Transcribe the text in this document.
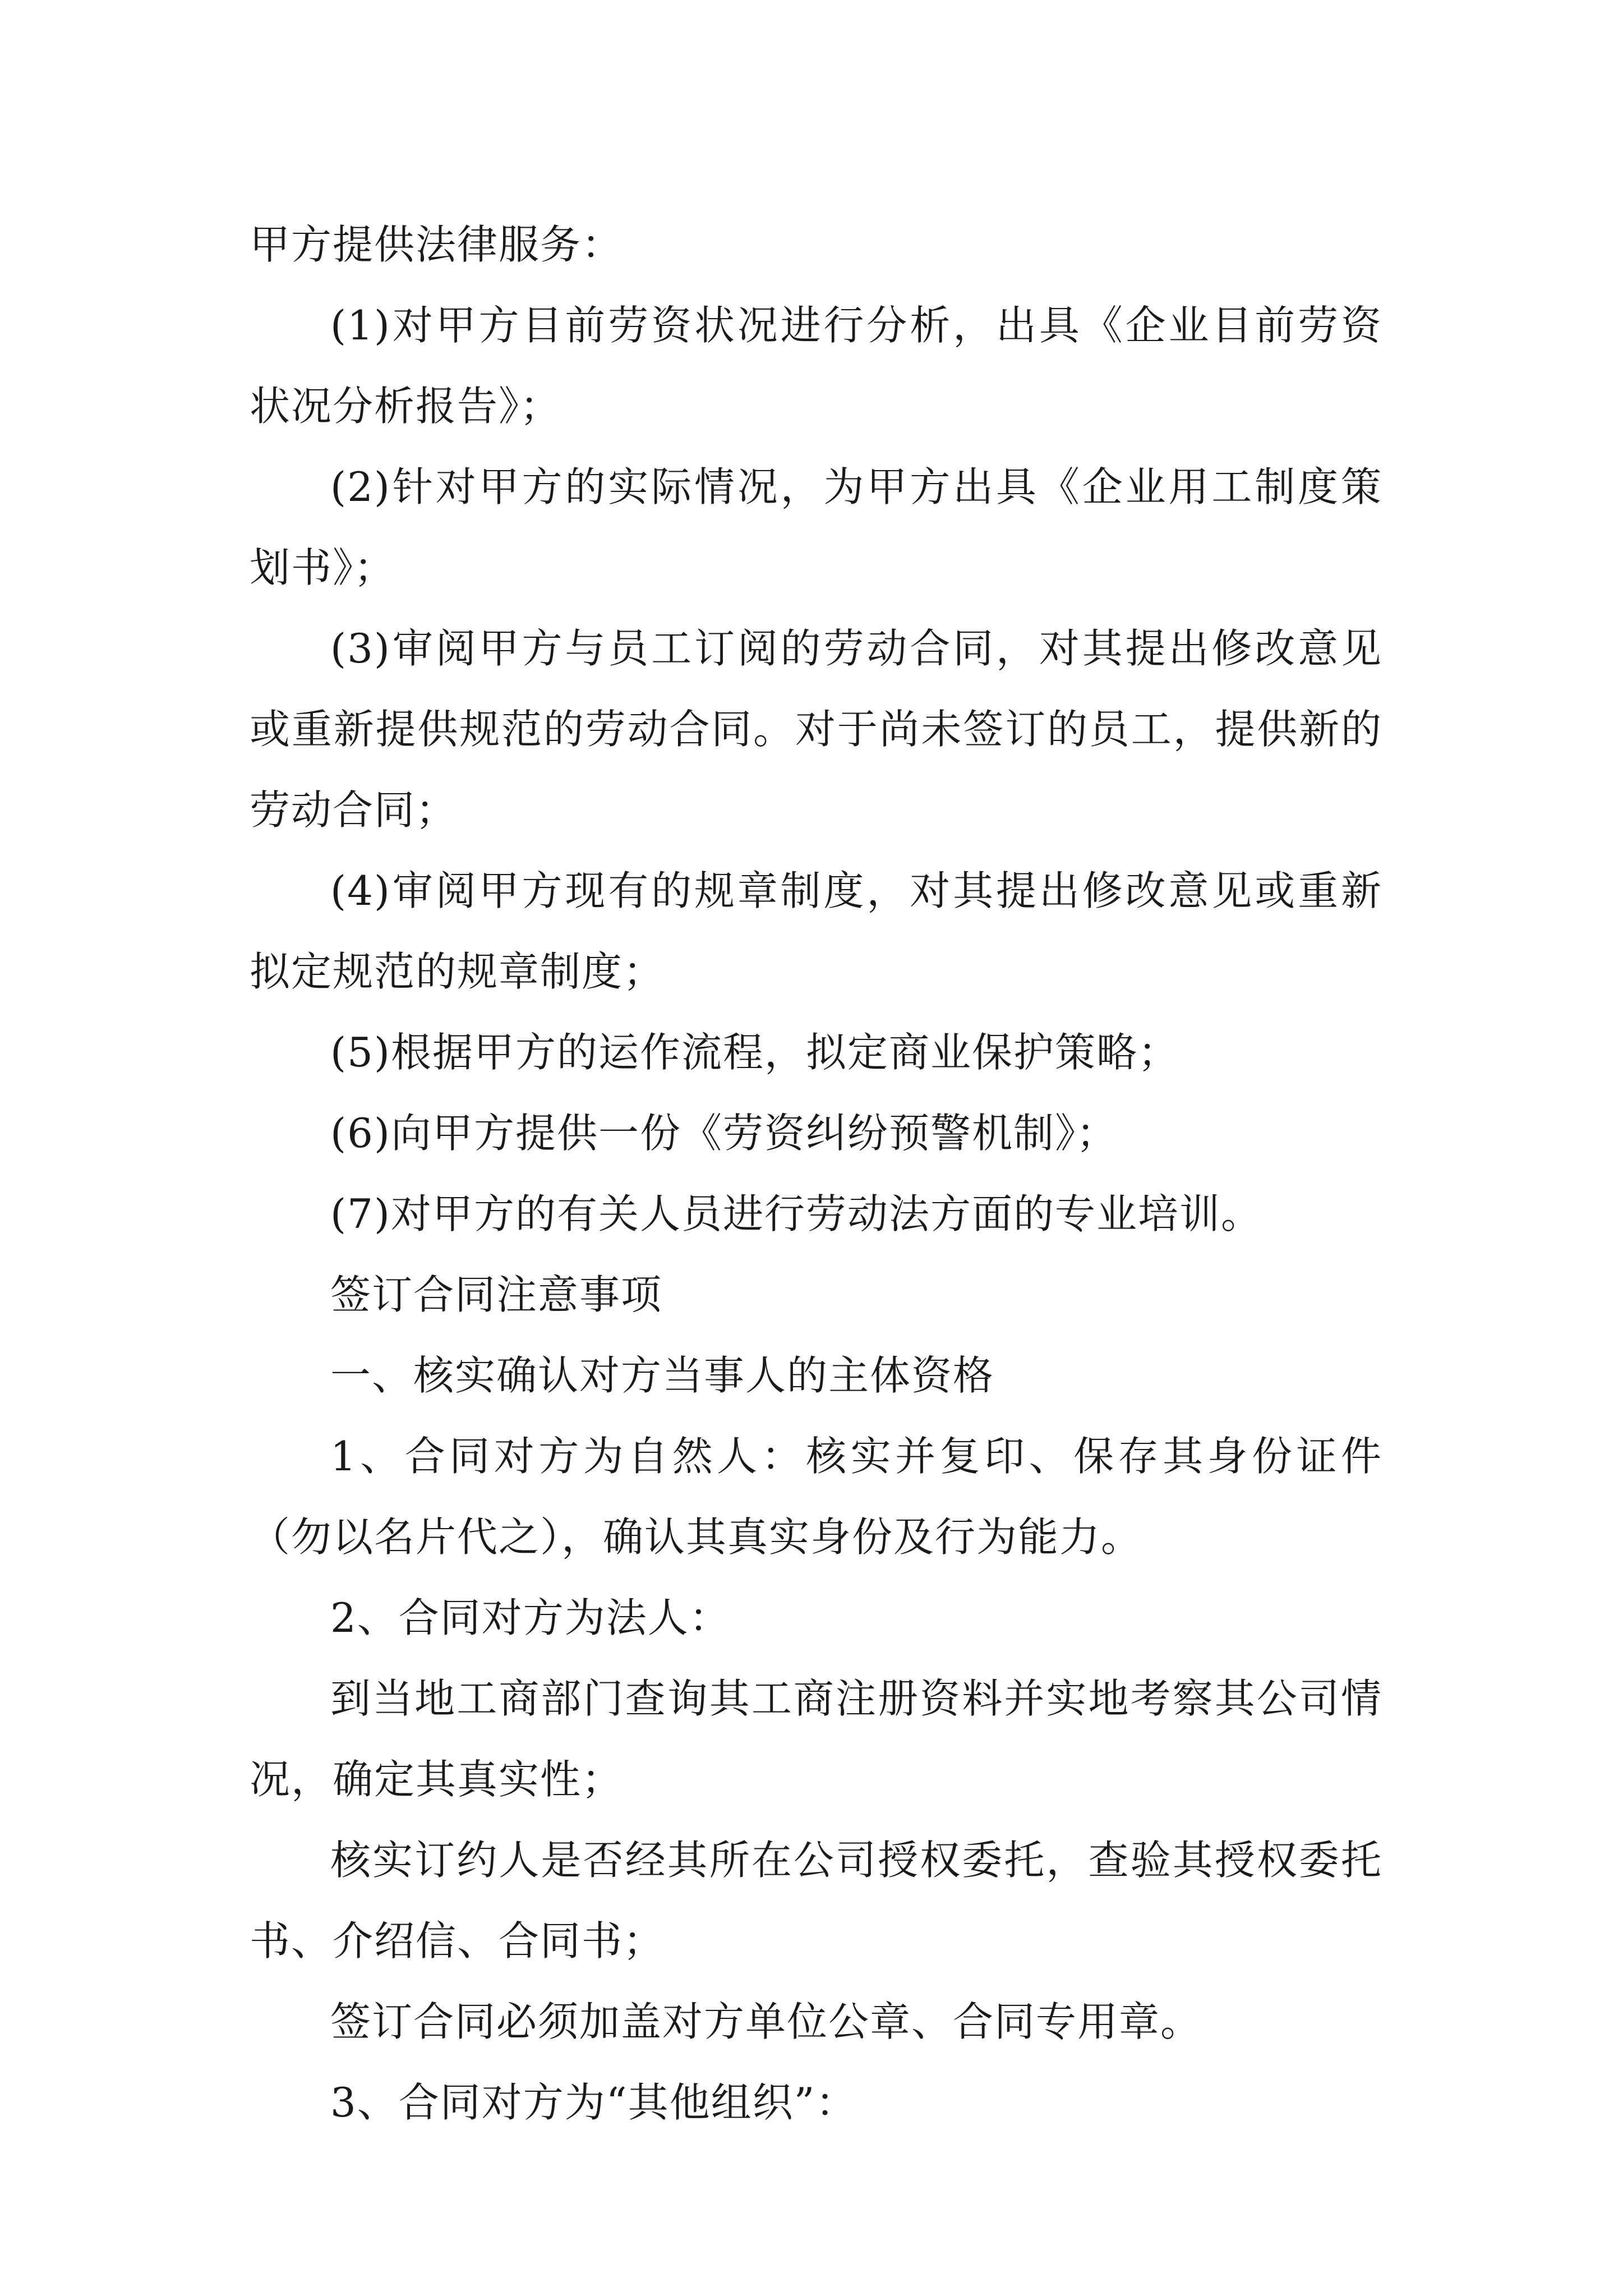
甲方提供法律服务：

(1)对甲方目前劳资状况进行分析，出具《企业目前劳资状况分析报告》；

(2)针对甲方的实际情况，为甲方出具《企业用工制度策划书》；

(3)审阅甲方与员工订阅的劳动合同，对其提出修改意见或重新提供规范的劳动合同。对于尚未签订的员工，提供新的劳动合同；

(4)审阅甲方现有的规章制度，对其提出修改意见或重新拟定规范的规章制度；

(5)根据甲方的运作流程，拟定商业保护策略；

(6)向甲方提供一份《劳资纠纷预警机制》；

(7)对甲方的有关人员进行劳动法方面的专业培训。

签订合同注意事项

一、核实确认对方当事人的主体资格

1、合同对方为自然人：核实并复印、保存其身份证件（勿以名片代之），确认其真实身份及行为能力。

2、合同对方为法人：

到当地工商部门查询其工商注册资料并实地考察其公司情况，确定其真实性；

核实订约人是否经其所在公司授权委托，查验其授权委托书、介绍信、合同书；

签订合同必须加盖对方单位公章、合同专用章。

3、合同对方为“其他组织”：
